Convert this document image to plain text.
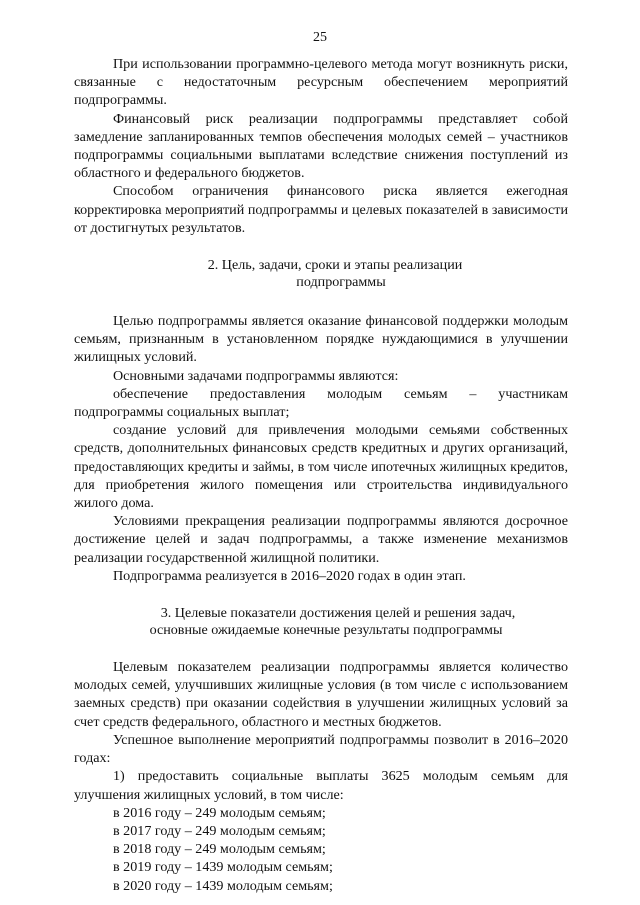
25

При использовании программно-целевого метода могут возникнуть риски, связанные с недостаточным ресурсным обеспечением мероприятий подпрограммы.

Финансовый риск реализации подпрограммы представляет собой замедление запланированных темпов обеспечения молодых семей – участников подпрограммы социальными выплатами вследствие снижения поступлений из областного и федерального бюджетов.

Способом ограничения финансового риска является ежегодная корректировка мероприятий подпрограммы и целевых показателей в зависимости от достигнутых результатов.

2. Цель, задачи, сроки и этапы реализации
подпрограммы

Целью подпрограммы является оказание финансовой поддержки молодым семьям, признанным в установленном порядке нуждающимися в улучшении жилищных условий.

Основными задачами подпрограммы являются:

обеспечение предоставления молодым семьям – участникам подпрограммы социальных выплат;

создание условий для привлечения молодыми семьями собственных средств, дополнительных финансовых средств кредитных и других организаций, предоставляющих кредиты и займы, в том числе ипотечных жилищных кредитов, для приобретения жилого помещения или строительства индивидуального жилого дома.

Условиями прекращения реализации подпрограммы являются досрочное достижение целей и задач подпрограммы, а также изменение механизмов реализации государственной жилищной политики.

Подпрограмма реализуется в 2016–2020 годах в один этап.

3. Целевые показатели достижения целей и решения задач,
основные ожидаемые конечные результаты подпрограммы

Целевым показателем реализации подпрограммы является количество молодых семей, улучшивших жилищные условия (в том числе с использованием заемных средств) при оказании содействия в улучшении жилищных условий за счет средств федерального, областного и местных бюджетов.

Успешное выполнение мероприятий подпрограммы позволит в 2016–2020 годах:

1) предоставить социальные выплаты 3625 молодым семьям для улучшения жилищных условий, в том числе:

в 2016 году – 249 молодым семьям;
в 2017 году – 249 молодым семьям;
в 2018 году – 249 молодым семьям;
в 2019 году – 1439 молодым семьям;
в 2020 году – 1439 молодым семьям;
